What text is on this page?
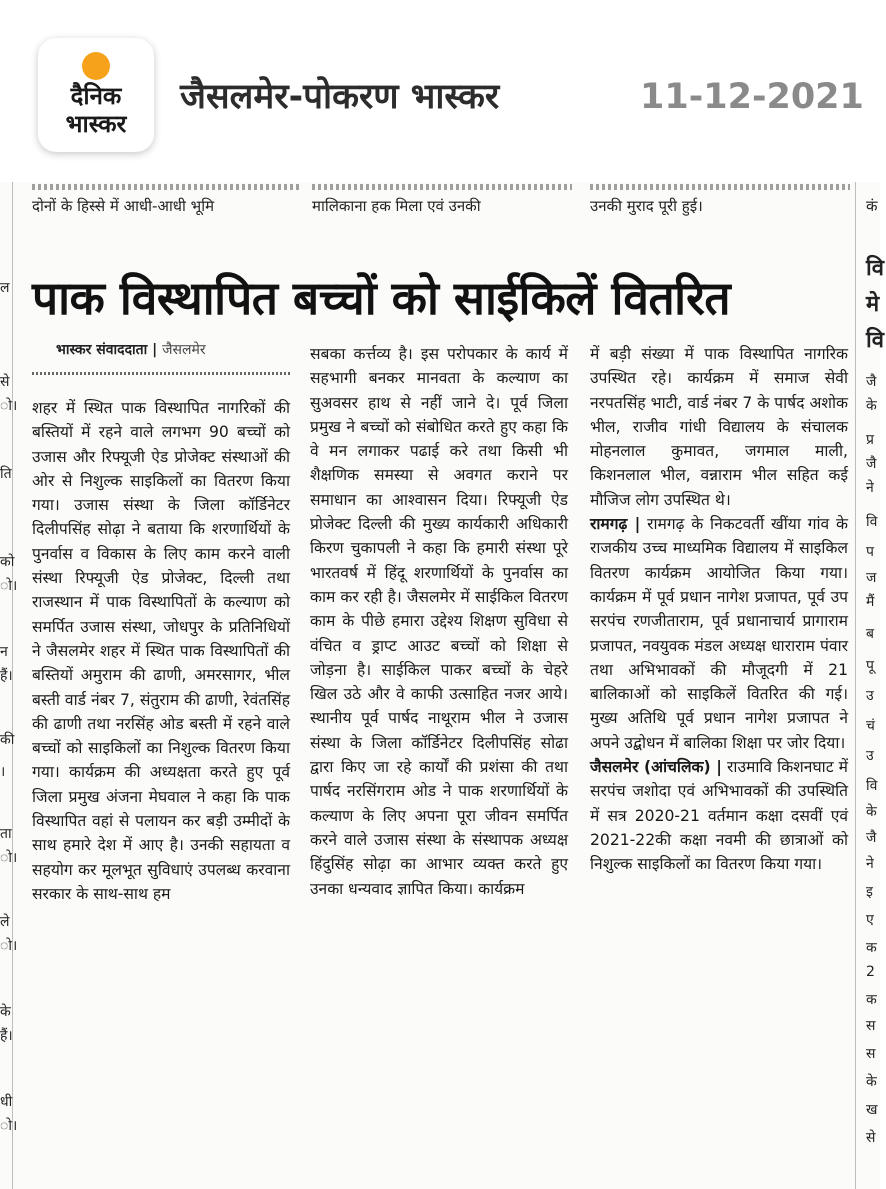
दैनिक
भास्कर
जैसलमेर-पोकरण भास्कर	11-12-2021
दोनों के हिस्से में आधी-आधी भूमि	मालिकाना हक मिला एवं उनकी	उनकी मुराद पूरी हुई।
पाक विस्थापित बच्चों को साईकिलें वितरित
भास्कर संवाददाता | जैसलमेर

शहर में स्थित पाक विस्थापित नागरिकों की बस्तियों में रहने वाले लगभग 90 बच्चों को उजास और रिफ्यूजी ऐड प्रोजेक्ट संस्थाओं की ओर से निशुल्क साइकिलों का वितरण किया गया। उजास संस्था के जिला कॉर्डिनेटर दिलीपसिंह सोढ़ा ने बताया कि शरणार्थियों के पुनर्वास व विकास के लिए काम करने वाली संस्था रिफ्यूजी ऐड प्रोजेक्ट, दिल्ली तथा राजस्थान में पाक विस्थापितों के कल्याण को समर्पित उजास संस्था, जोधपुर के प्रतिनिधियों ने जैसलमेर शहर में स्थित पाक विस्थापितों की बस्तियों अमुराम की ढाणी, अमरसागर, भील बस्ती वार्ड नंबर 7, संतुराम की ढाणी, रेवंतसिंह की ढाणी तथा नरसिंह ओड बस्ती में रहने वाले बच्चों को साइकिलों का निशुल्क वितरण किया गया। कार्यक्रम की अध्यक्षता करते हुए पूर्व जिला प्रमुख अंजना मेघवाल ने कहा कि पाक विस्थापित वहां से पलायन कर बड़ी उम्मीदों के साथ हमारे देश में आए है। उनकी सहायता व सहयोग कर मूलभूत सुविधाएं उपलब्ध करवाना सरकार के साथ-साथ हम

सबका कर्त्तव्य है। इस परोपकार के कार्य में सहभागी बनकर मानवता के कल्याण का सुअवसर हाथ से नहीं जाने दे। पूर्व जिला प्रमुख ने बच्चों को संबोधित करते हुए कहा कि वे मन लगाकर पढाई करे तथा किसी भी शैक्षणिक समस्या से अवगत कराने पर समाधान का आश्वासन दिया। रिफ्यूजी ऐड प्रोजेक्ट दिल्ली की मुख्य कार्यकारी अधिकारी किरण चुकापली ने कहा कि हमारी संस्था पूरे भारतवर्ष में हिंदू शरणार्थियों के पुनर्वास का काम कर रही है। जैसलमेर में साईकिल वितरण काम के पीछे हमारा उद्देश्य शिक्षण सुविधा से वंचित व ड्राप्ट आउट बच्चों को शिक्षा से जोड़ना है। साईकिल पाकर बच्चों के चेहरे खिल उठे और वे काफी उत्साहित नजर आये। स्थानीय पूर्व पार्षद नाथूराम भील ने उजास संस्था के जिला कॉर्डिनेटर दिलीपसिंह सोढा द्वारा किए जा रहे कार्यों की प्रशंसा की तथा पार्षद नरसिंगराम ओड ने पाक शरणार्थियों के कल्याण के लिए अपना पूरा जीवन समर्पित करने वाले उजास संस्था के संस्थापक अध्यक्ष हिंदुसिंह सोढ़ा का आभार व्यक्त करते हुए उनका धन्यवाद ज्ञापित किया। कार्यक्रम

में बड़ी संख्या में पाक विस्थापित नागरिक उपस्थित रहे। कार्यक्रम में समाज सेवी नरपतसिंह भाटी, वार्ड नंबर 7 के पार्षद अशोक भील, राजीव गांधी विद्यालय के संचालक मोहनलाल कुमावत, जगमाल माली, किशनलाल भील, वन्नाराम भील सहित कई मौजिज लोग उपस्थित थे।

रामगढ़ | रामगढ़ के निकटवर्ती खींया गांव के राजकीय उच्च माध्यमिक विद्यालय में साइकिल वितरण कार्यक्रम आयोजित किया गया। कार्यक्रम में पूर्व प्रधान नागेश प्रजापत, पूर्व उप सरपंच रणजीताराम, पूर्व प्रधानाचार्य प्रागाराम प्रजापत, नवयुवक मंडल अध्यक्ष धाराराम पंवार तथा अभिभावकों की मौजूदगी में 21 बालिकाओं को साइकिलें वितरित की गई। मुख्य अतिथि पूर्व प्रधान नागेश प्रजापत ने अपने उद्बोधन में बालिका शिक्षा पर जोर दिया।

जैसलमेर (आंचलिक) | राउमावि किशनघाट में सरपंच जशोदा एवं अभिभावकों की उपस्थिति में सत्र 2020-21 वर्तमान कक्षा दसवीं एवं 2021-22की कक्षा नवमी की छात्राओं को निशुल्क साइकिलों का वितरण किया गया।

ल
से
ो।
ति
को
ो।
न
हैं।
की
।
ता
ो।
ले
ो।
के
हैं।
धी
ो।
कं
वि
मे
वि
जै
के
प्र
जै
ने
वि
प
ज
मैं
ब
पू
उ
चं
उ
वि
के
जै
ने
इ
ए
क
2
क
स
स
के
ख
से
